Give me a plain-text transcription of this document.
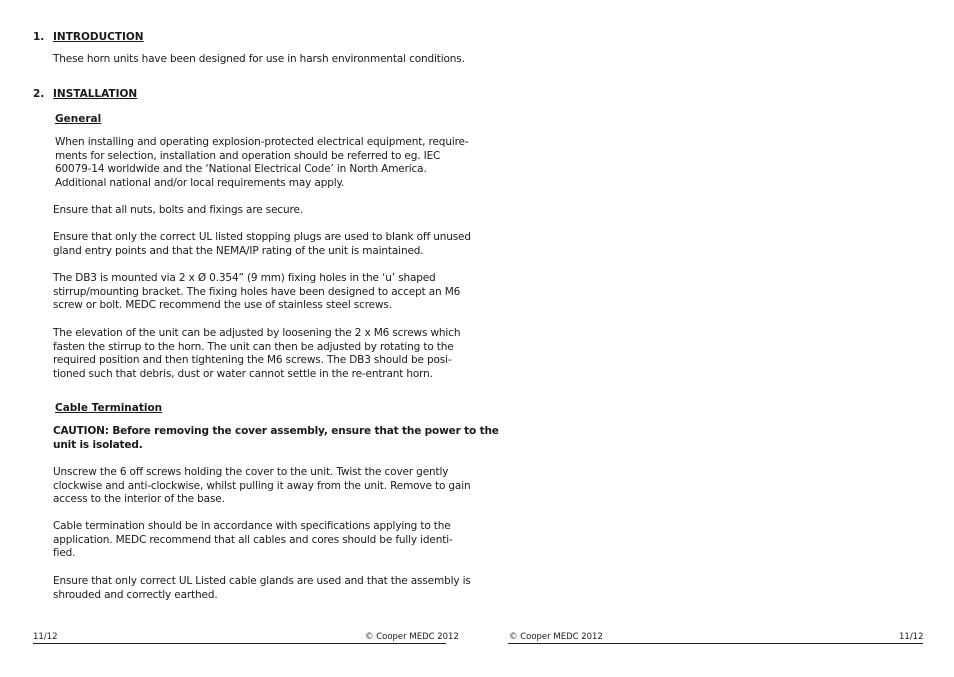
1. INTRODUCTION
These horn units have been designed for use in harsh environmental conditions.
2. INSTALLATION
General
When installing and operating explosion-protected electrical equipment, require-
ments for selection, installation and operation should be referred to eg. IEC
60079-14 worldwide and the ‘National Electrical Code’ in North America.
Additional national and/or local requirements may apply.
Ensure that all nuts, bolts and fixings are secure.
Ensure that only the correct UL listed stopping plugs are used to blank off unused
gland entry points and that the NEMA/IP rating of the unit is maintained.
The DB3 is mounted via 2 x Ø 0.354” (9 mm) fixing holes in the ‘u’ shaped
stirrup/mounting bracket. The fixing holes have been designed to accept an M6
screw or bolt. MEDC recommend the use of stainless steel screws.
The elevation of the unit can be adjusted by loosening the 2 x M6 screws which
fasten the stirrup to the horn. The unit can then be adjusted by rotating to the
required position and then tightening the M6 screws. The DB3 should be posi-
tioned such that debris, dust or water cannot settle in the re-entrant horn.
Cable Termination
CAUTION: Before removing the cover assembly, ensure that the power to the
unit is isolated.
Unscrew the 6 off screws holding the cover to the unit. Twist the cover gently
clockwise and anti-clockwise, whilst pulling it away from the unit. Remove to gain
access to the interior of the base.
Cable termination should be in accordance with specifications applying to the
application. MEDC recommend that all cables and cores should be fully identi-
fied.
Ensure that only correct UL Listed cable glands are used and that the assembly is
shrouded and correctly earthed.
11/12	© Cooper MEDC 2012	© Cooper MEDC 2012	11/12
